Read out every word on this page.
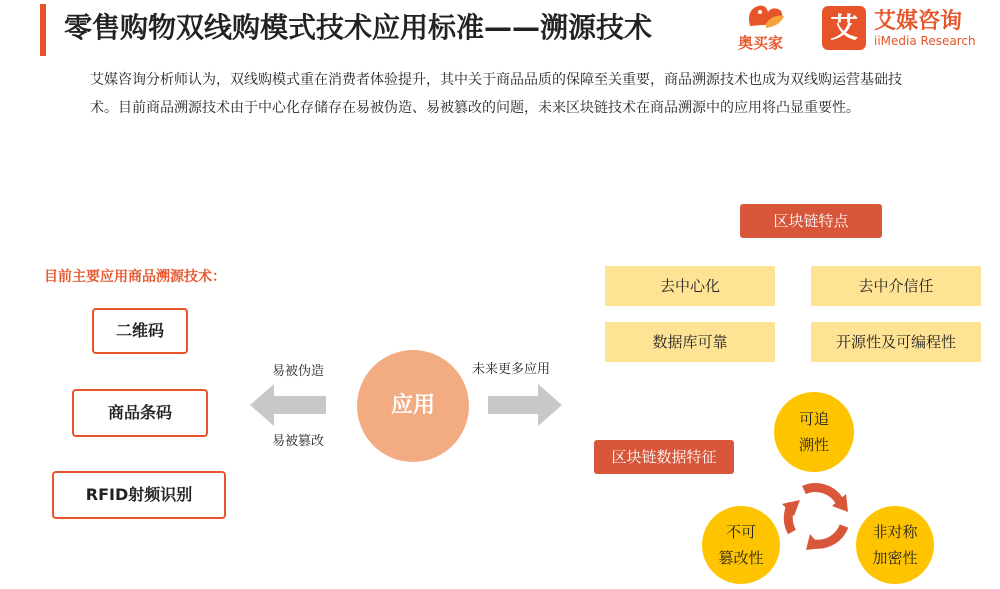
零售购物双线购模式技术应用标准——溯源技术	奥买家 艾 艾媒咨询
iiMedia Research
艾媒咨询分析师认为，双线购模式重在消费者体验提升，其中关于商品品质的保障至关重要，商品溯源技术也成为双线购运营基础技术。目前商品溯源技术由于中心化存储存在易被伪造、易被篡改的问题，未来区块链技术在商品溯源中的应用将凸显重要性。
目前主要应用商品溯源技术：
二维码
商品条码
RFID射频识别
易被伪造
易被篡改
应用
未来更多应用
区块链特点
去中心化	去中介信任
数据库可靠	开源性及可编程性
区块链数据特征
可追
溯性
非对称
加密性
不可
篡改性
